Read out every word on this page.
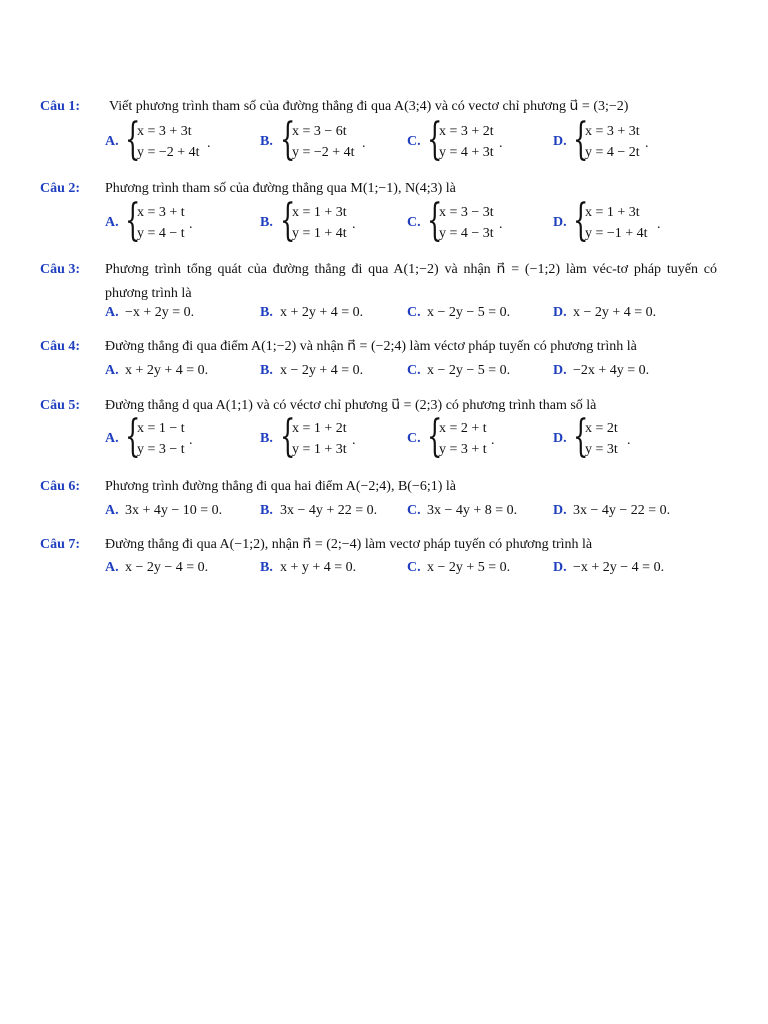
Câu 1: Viết phương trình tham số của đường thẳng đi qua A(3;4) và có vectơ chỉ phương u⃗ = (3;−2)
A. {
x = 3 + 3t
y = −2 + 4t
.	B. {
x = 3 − 6t
y = −2 + 4t
.	C. {
x = 3 + 2t
y = 4 + 3t
.	D. {
x = 3 + 3t
y = 4 − 2t
.
Câu 2: Phương trình tham số của đường thẳng qua M(1;−1), N(4;3) là
A. {
x = 3 + t
y = 4 − t
.	B. {
x = 1 + 3t
y = 1 + 4t
.	C. {
x = 3 − 3t
y = 4 − 3t
.	D. {
x = 1 + 3t
y = −1 + 4t
.
Câu 3: Phương trình tổng quát của đường thẳng đi qua A(1;−2) và nhận n⃗ = (−1;2) làm véc-tơ pháp tuyến có phương trình là
A. −x + 2y = 0.	B. x + 2y + 4 = 0.	C. x − 2y − 5 = 0.	D. x − 2y + 4 = 0.
Câu 4: Đường thẳng đi qua điểm A(1;−2) và nhận n⃗ = (−2;4) làm véctơ pháp tuyến có phương trình là
A. x + 2y + 4 = 0.	B. x − 2y + 4 = 0.	C. x − 2y − 5 = 0.	D. −2x + 4y = 0.
Câu 5: Đường thẳng d qua A(1;1) và có véctơ chỉ phương u⃗ = (2;3) có phương trình tham số là
A. {
x = 1 − t
y = 3 − t
.	B. {
x = 1 + 2t
y = 1 + 3t
.	C. {
x = 2 + t
y = 3 + t
.	D. {
x = 2t
y = 3t
.
Câu 6: Phương trình đường thẳng đi qua hai điểm A(−2;4), B(−6;1) là
A. 3x + 4y − 10 = 0.	B. 3x − 4y + 22 = 0. C. 3x − 4y + 8 = 0.	D. 3x − 4y − 22 = 0.
Câu 7: Đường thẳng đi qua A(−1;2), nhận n⃗ = (2;−4) làm vectơ pháp tuyến có phương trình là
A. x − 2y − 4 = 0.	B. x + y + 4 = 0.	C. x − 2y + 5 = 0.	D. −x + 2y − 4 = 0.
